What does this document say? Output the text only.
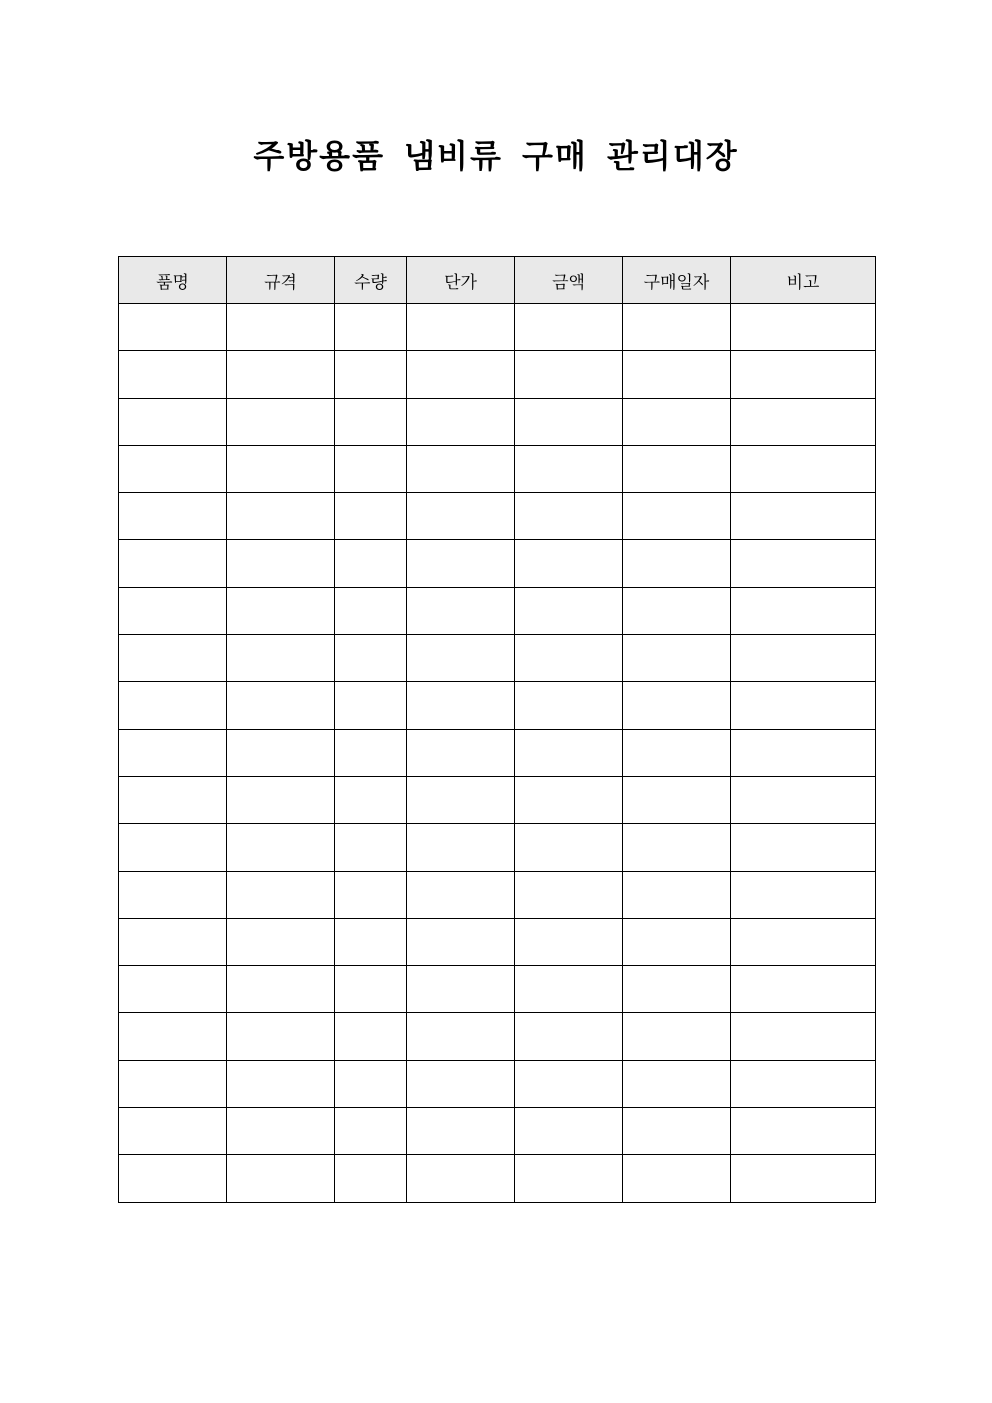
주방용품 냄비류 구매 관리대장
품명	규격	수량	단가	금액	구매일자	비고
